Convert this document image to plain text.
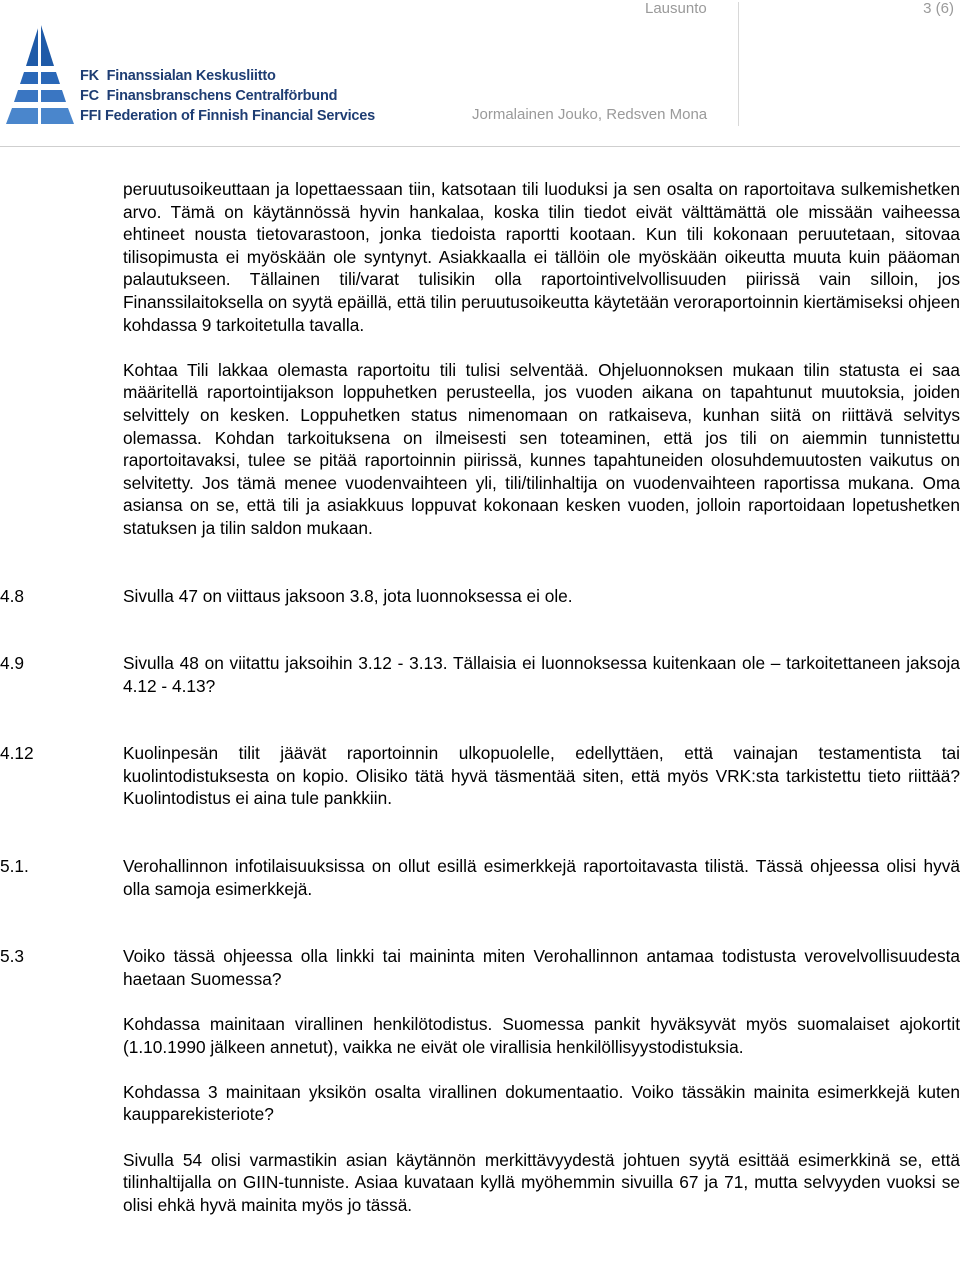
FK Finanssialan Keskusliitto
FC Finansbranschens Centralförbund
FFI Federation of Finnish Financial Services
Lausunto	3 (6)
Jormalainen Jouko, Redsven Mona

peruutusoikeuttaan ja lopettaessaan tiin, katsotaan tili luoduksi ja sen osalta on raportoitava sulkemishetken arvo. Tämä on käytännössä hyvin hankalaa, koska tilin tiedot eivät välttämättä ole missään vaiheessa ehtineet nousta tietovarastoon, jonka tiedoista raportti kootaan. Kun tili kokonaan peruutetaan, sitovaa tilisopimusta ei myöskään ole syntynyt. Asiakkaalla ei tällöin ole myöskään oikeutta muuta kuin pääoman palautukseen. Tällainen tili/varat tulisikin olla raportointivelvollisuuden piirissä vain silloin, jos Finanssilaitoksella on syytä epäillä, että tilin peruutusoikeutta käytetään veroraportoinnin kiertämiseksi ohjeen kohdassa 9 tarkoitetulla tavalla.

Kohtaa Tili lakkaa olemasta raportoitu tili tulisi selventää. Ohjeluonnoksen mukaan tilin statusta ei saa määritellä raportointijakson loppuhetken perusteella, jos vuoden aikana on tapahtunut muutoksia, joiden selvittely on kesken. Loppuhetken status nimenomaan on ratkaiseva, kunhan siitä on riittävä selvitys olemassa. Kohdan tarkoituksena on ilmeisesti sen toteaminen, että jos tili on aiemmin tunnistettu raportoitavaksi, tulee se pitää raportoinnin piirissä, kunnes tapahtuneiden olosuhdemuutosten vaikutus on selvitetty. Jos tämä menee vuodenvaihteen yli, tili/tilinhaltija on vuodenvaihteen raportissa mukana. Oma asiansa on se, että tili ja asiakkuus loppuvat kokonaan kesken vuoden, jolloin raportoidaan lopetushetken statuksen ja tilin saldon mukaan.

4.8	Sivulla 47 on viittaus jaksoon 3.8, jota luonnoksessa ei ole.

4.9	Sivulla 48 on viitattu jaksoihin 3.12 - 3.13. Tällaisia ei luonnoksessa kuitenkaan ole – tarkoitettaneen jaksoja 4.12 - 4.13?

4.12	Kuolinpesän tilit jäävät raportoinnin ulkopuolelle, edellyttäen, että vainajan testamentista tai kuolintodistuksesta on kopio. Olisiko tätä hyvä täsmentää siten, että myös VRK:sta tarkistettu tieto riittää? Kuolintodistus ei aina tule pankkiin.

5.1.	Verohallinnon infotilaisuuksissa on ollut esillä esimerkkejä raportoitavasta tilistä. Tässä ohjeessa olisi hyvä olla samoja esimerkkejä.

5.3	Voiko tässä ohjeessa olla linkki tai maininta miten Verohallinnon antamaa todistusta verovelvollisuudesta haetaan Suomessa?

Kohdassa mainitaan virallinen henkilötodistus. Suomessa pankit hyväksyvät myös suomalaiset ajokortit (1.10.1990 jälkeen annetut), vaikka ne eivät ole virallisia henkilöllisyystodistuksia.

Kohdassa 3 mainitaan yksikön osalta virallinen dokumentaatio. Voiko tässäkin mainita esimerkkejä kuten kaupparekisteriote?

Sivulla 54 olisi varmastikin asian käytännön merkittävyydestä johtuen syytä esittää esimerkkinä se, että tilinhaltijalla on GIIN-tunniste. Asiaa kuvataan kyllä myöhemmin sivuilla 67 ja 71, mutta selvyyden vuoksi se olisi ehkä hyvä mainita myös jo tässä.
